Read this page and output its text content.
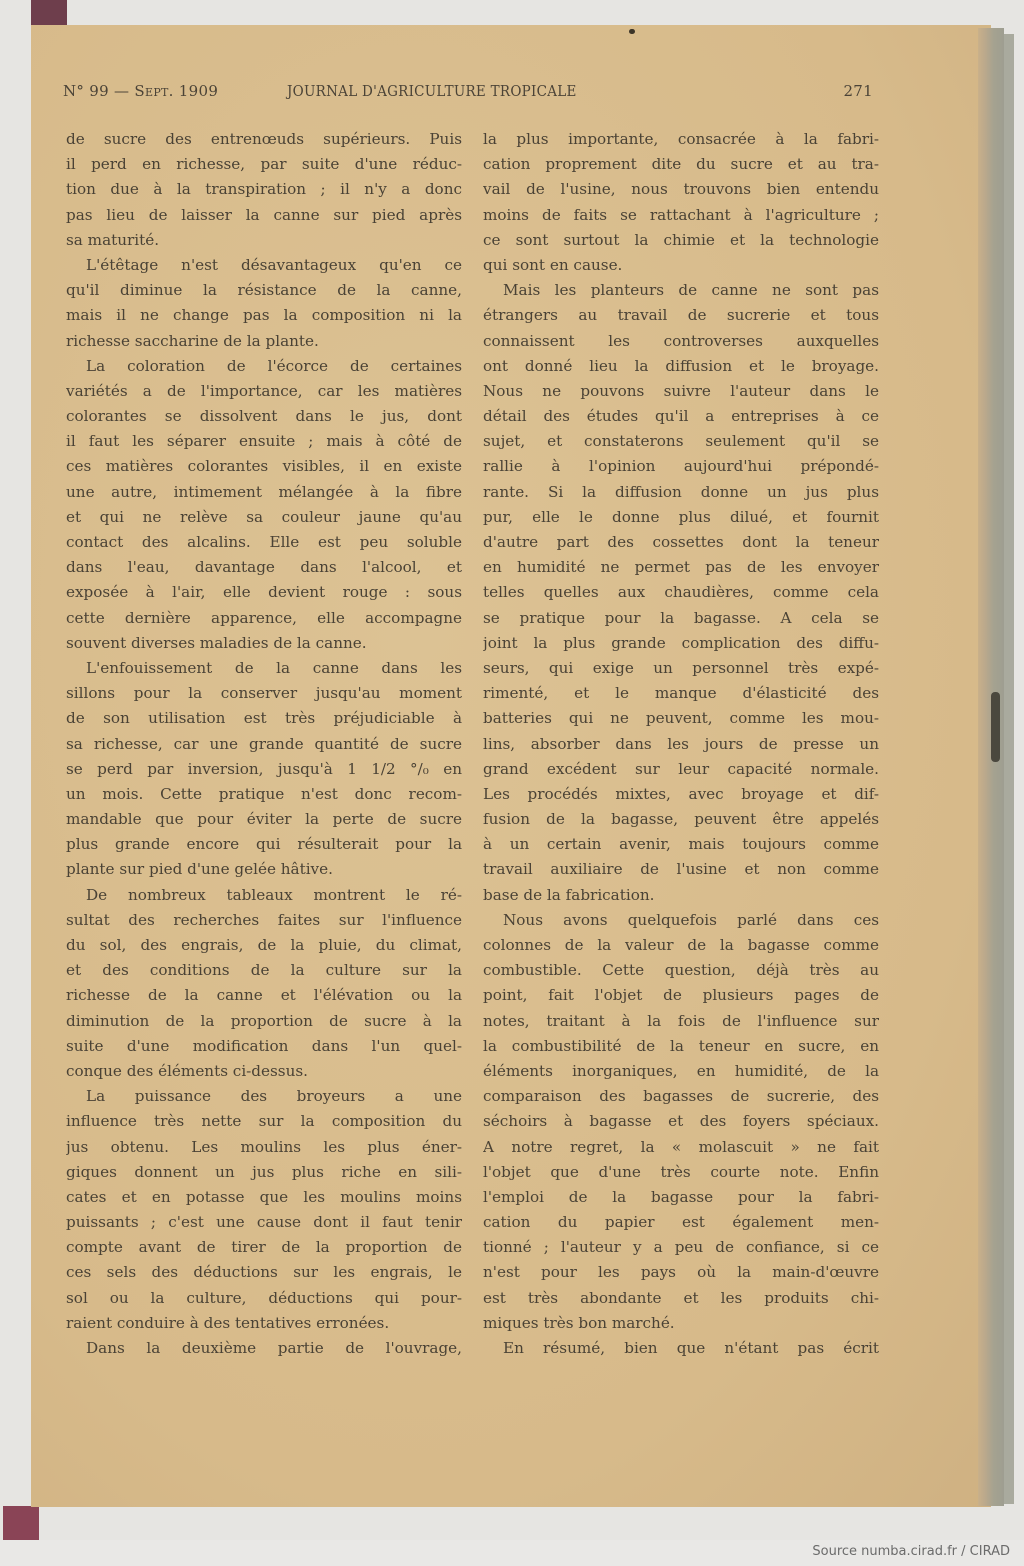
N° 99 — Sept. 1909	JOURNAL D'AGRICULTURE TROPICALE	271
de sucre des entrenœuds supérieurs. Puis
il perd en richesse, par suite d'une réduc-
tion due à la transpiration ; il n'y a donc
pas lieu de laisser la canne sur pied après
sa maturité.
L'étêtage n'est désavantageux qu'en ce
qu'il diminue la résistance de la canne,
mais il ne change pas la composition ni la
richesse saccharine de la plante.
La coloration de l'écorce de certaines
variétés a de l'importance, car les matières
colorantes se dissolvent dans le jus, dont
il faut les séparer ensuite ; mais à côté de
ces matières colorantes visibles, il en existe
une autre, intimement mélangée à la fibre
et qui ne relève sa couleur jaune qu'au
contact des alcalins. Elle est peu soluble
dans l'eau, davantage dans l'alcool, et
exposée à l'air, elle devient rouge : sous
cette dernière apparence, elle accompagne
souvent diverses maladies de la canne.
L'enfouissement de la canne dans les
sillons pour la conserver jusqu'au moment
de son utilisation est très préjudiciable à
sa richesse, car une grande quantité de sucre
se perd par inversion, jusqu'à 1 1/2 °/₀ en
un mois. Cette pratique n'est donc recom-
mandable que pour éviter la perte de sucre
plus grande encore qui résulterait pour la
plante sur pied d'une gelée hâtive.
De nombreux tableaux montrent le ré-
sultat des recherches faites sur l'influence
du sol, des engrais, de la pluie, du climat,
et des conditions de la culture sur la
richesse de la canne et l'élévation ou la
diminution de la proportion de sucre à la
suite d'une modification dans l'un quel-
conque des éléments ci-dessus.
La puissance des broyeurs a une
influence très nette sur la composition du
jus obtenu. Les moulins les plus éner-
giques donnent un jus plus riche en sili-
cates et en potasse que les moulins moins
puissants ; c'est une cause dont il faut tenir
compte avant de tirer de la proportion de
ces sels des déductions sur les engrais, le
sol ou la culture, déductions qui pour-
raient conduire à des tentatives erronées.
Dans la deuxième partie de l'ouvrage,
la plus importante, consacrée à la fabri-
cation proprement dite du sucre et au tra-
vail de l'usine, nous trouvons bien entendu
moins de faits se rattachant à l'agriculture ;
ce sont surtout la chimie et la technologie
qui sont en cause.
Mais les planteurs de canne ne sont pas
étrangers au travail de sucrerie et tous
connaissent les controverses auxquelles
ont donné lieu la diffusion et le broyage.
Nous ne pouvons suivre l'auteur dans le
détail des études qu'il a entreprises à ce
sujet, et constaterons seulement qu'il se
rallie à l'opinion aujourd'hui prépondé-
rante. Si la diffusion donne un jus plus
pur, elle le donne plus dilué, et fournit
d'autre part des cossettes dont la teneur
en humidité ne permet pas de les envoyer
telles quelles aux chaudières, comme cela
se pratique pour la bagasse. A cela se
joint la plus grande complication des diffu-
seurs, qui exige un personnel très expé-
rimenté, et le manque d'élasticité des
batteries qui ne peuvent, comme les mou-
lins, absorber dans les jours de presse un
grand excédent sur leur capacité normale.
Les procédés mixtes, avec broyage et dif-
fusion de la bagasse, peuvent être appelés
à un certain avenir, mais toujours comme
travail auxiliaire de l'usine et non comme
base de la fabrication.
Nous avons quelquefois parlé dans ces
colonnes de la valeur de la bagasse comme
combustible. Cette question, déjà très au
point, fait l'objet de plusieurs pages de
notes, traitant à la fois de l'influence sur
la combustibilité de la teneur en sucre, en
éléments inorganiques, en humidité, de la
comparaison des bagasses de sucrerie, des
séchoirs à bagasse et des foyers spéciaux.
A notre regret, la « molascuit » ne fait
l'objet que d'une très courte note. Enfin
l'emploi de la bagasse pour la fabri-
cation du papier est également men-
tionné ; l'auteur y a peu de confiance, si ce
n'est pour les pays où la main-d'œuvre
est très abondante et les produits chi-
miques très bon marché.
En résumé, bien que n'étant pas écrit
Source numba.cirad.fr / CIRAD
